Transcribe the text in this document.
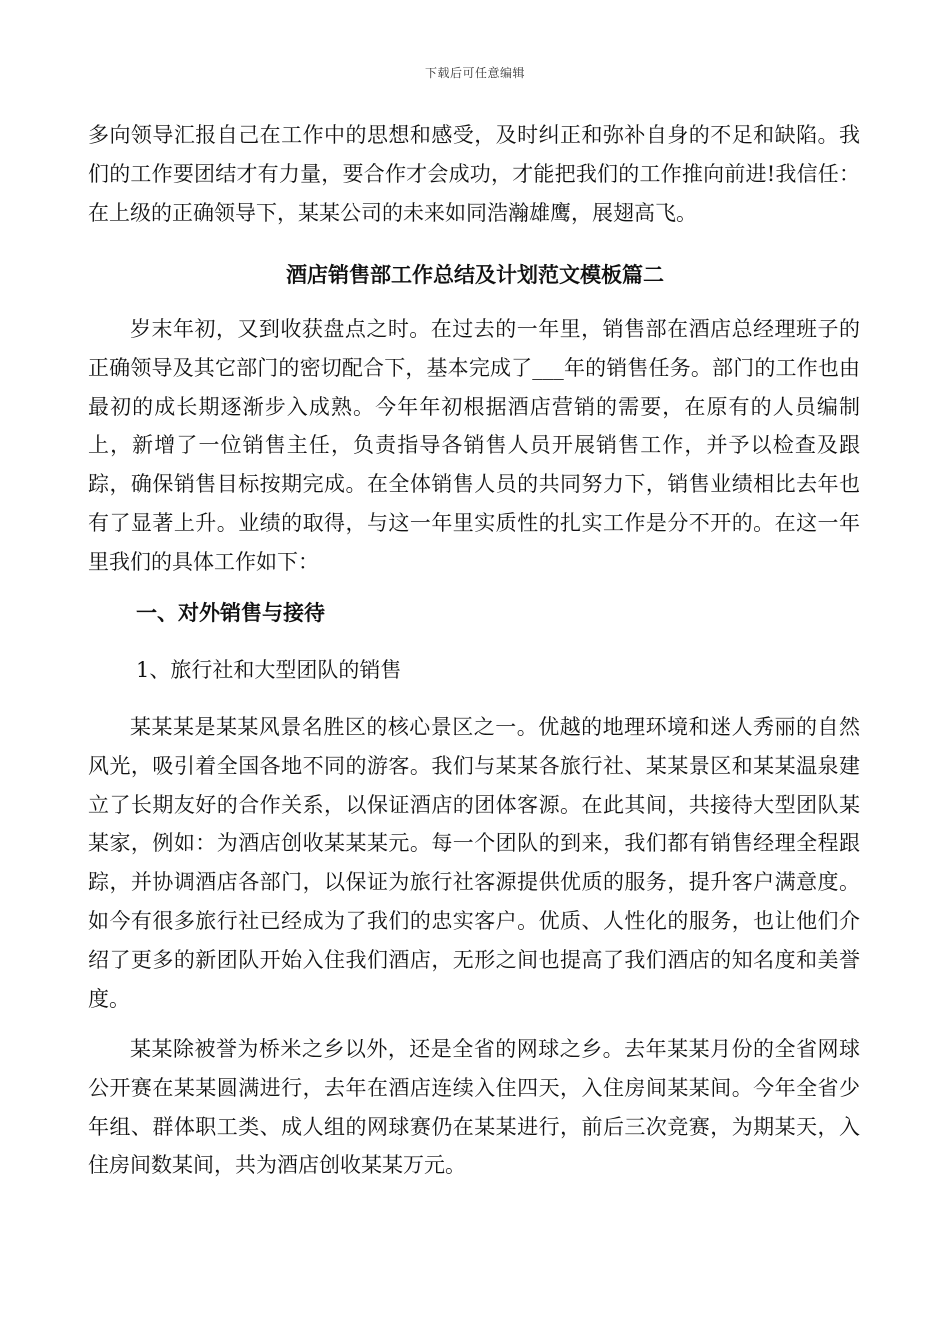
下载后可任意编辑
多向领导汇报自己在工作中的思想和感受，及时纠正和弥补自身的不足和缺陷。我们的工作要团结才有力量，要合作才会成功，才能把我们的工作推向前进!我信任：在上级的正确领导下，某某公司的未来如同浩瀚雄鹰，展翅高飞。
酒店销售部工作总结及计划范文模板篇二
岁末年初，又到收获盘点之时。在过去的一年里，销售部在酒店总经理班子的正确领导及其它部门的密切配合下，基本完成了___年的销售任务。部门的工作也由最初的成长期逐渐步入成熟。今年年初根据酒店营销的需要，在原有的人员编制上，新增了一位销售主任，负责指导各销售人员开展销售工作，并予以检查及跟踪，确保销售目标按期完成。在全体销售人员的共同努力下，销售业绩相比去年也有了显著上升。业绩的取得，与这一年里实质性的扎实工作是分不开的。在这一年里我们的具体工作如下：
一、对外销售与接待
1、旅行社和大型团队的销售
某某某是某某风景名胜区的核心景区之一。优越的地理环境和迷人秀丽的自然风光，吸引着全国各地不同的游客。我们与某某各旅行社、某某景区和某某温泉建立了长期友好的合作关系，以保证酒店的团体客源。在此其间，共接待大型团队某某家，例如：为酒店创收某某某元。每一个团队的到来，我们都有销售经理全程跟踪，并协调酒店各部门，以保证为旅行社客源提供优质的服务，提升客户满意度。如今有很多旅行社已经成为了我们的忠实客户。优质、人性化的服务，也让他们介绍了更多的新团队开始入住我们酒店，无形之间也提高了我们酒店的知名度和美誉度。
某某除被誉为桥米之乡以外，还是全省的网球之乡。去年某某月份的全省网球公开赛在某某圆满进行，去年在酒店连续入住四天，入住房间某某间。今年全省少年组、群体职工类、成人组的网球赛仍在某某进行，前后三次竞赛，为期某天，入住房间数某间，共为酒店创收某某万元。
